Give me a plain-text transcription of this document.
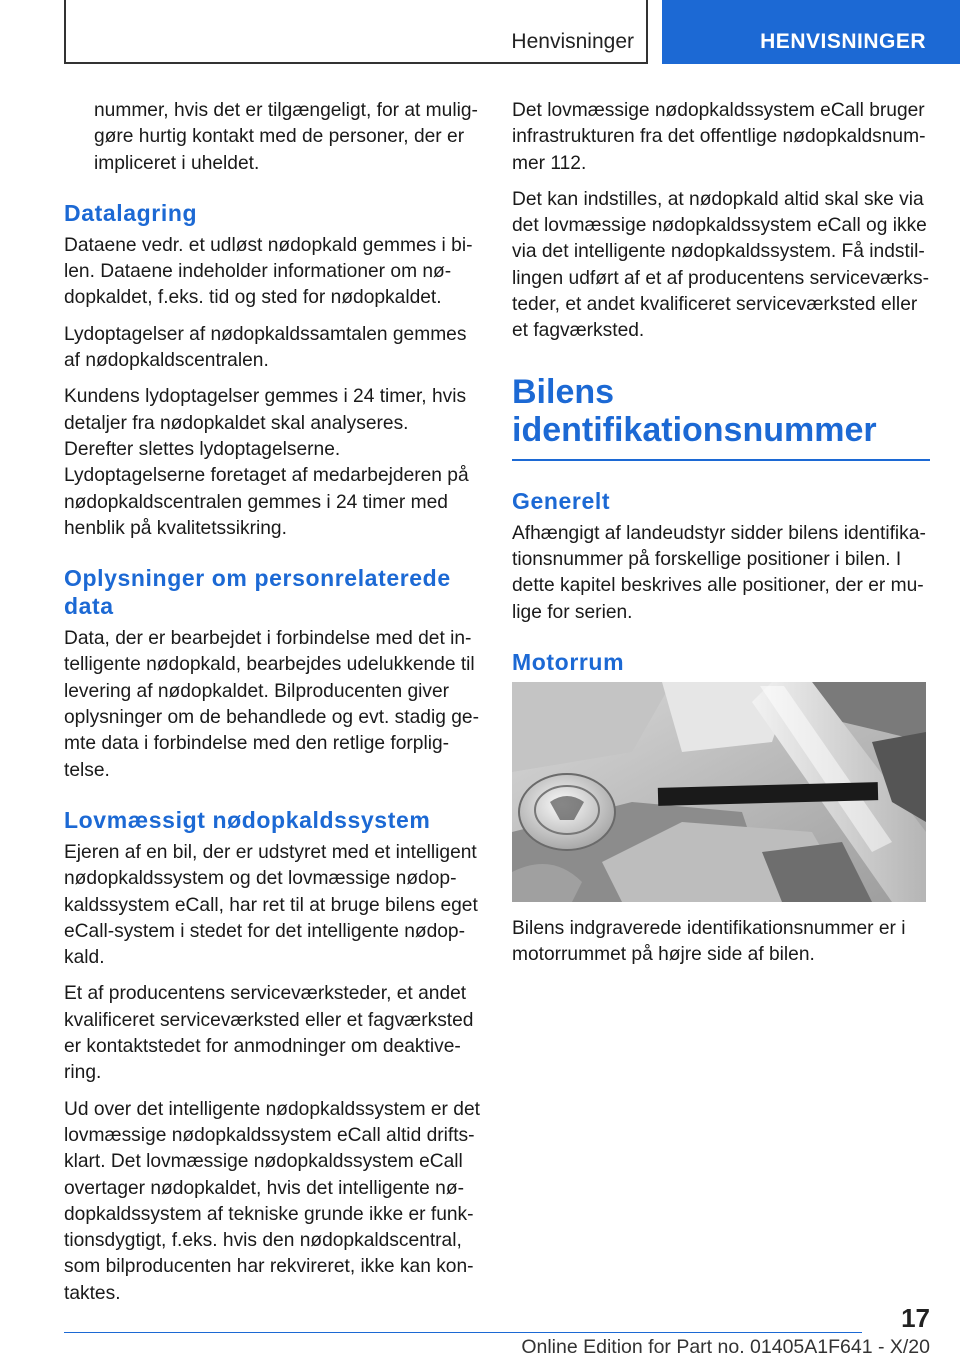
Henvisninger	HENVISNINGER

nummer, hvis det er tilgængeligt, for at muliggøre hurtig kontakt med de personer, der er impliceret i uheldet.

Datalagring

Dataene vedr. et udløst nødopkald gemmes i bilen. Dataene indeholder informationer om nødopkaldet, f.eks. tid og sted for nødopkaldet.

Lydoptagelser af nødopkaldssamtalen gemmes af nødopkaldscentralen.

Kundens lydoptagelser gemmes i 24 timer, hvis detaljer fra nødopkaldet skal analyseres. Derefter slettes lydoptagelserne. Lydoptagelserne foretaget af medarbejderen på nødopkaldscentralen gemmes i 24 timer med henblik på kvalitetssikring.

Oplysninger om personrelaterede data

Data, der er bearbejdet i forbindelse med det intelligente nødopkald, bearbejdes udelukkende til levering af nødopkaldet. Bilproducenten giver oplysninger om de behandlede og evt. stadig gemte data i forbindelse med den retlige forpligtelse.

Lovmæssigt nødopkaldssystem

Ejeren af en bil, der er udstyret med et intelligent nødopkaldssystem og det lovmæssige nødopkaldssystem eCall, har ret til at bruge bilens eget eCall-system i stedet for det intelligente nødopkald.

Et af producentens serviceværksteder, et andet kvalificeret serviceværksted eller et fagværksted er kontaktstedet for anmodninger om deaktivering.

Ud over det intelligente nødopkaldssystem er det lovmæssige nødopkaldssystem eCall altid driftsklart. Det lovmæssige nødopkaldssystem eCall overtager nødopkaldet, hvis det intelligente nødopkaldssystem af tekniske grunde ikke er funktionsdygtigt, f.eks. hvis den nødopkaldscentral, som bilproducenten har rekvireret, ikke kan kontaktes.

Det lovmæssige nødopkaldssystem eCall bruger infrastrukturen fra det offentlige nødopkaldsnummer 112.

Det kan indstilles, at nødopkald altid skal ske via det lovmæssige nødopkaldssystem eCall og ikke via det intelligente nødopkaldssystem. Få indstillingen udført af et af producentens serviceværksteder, et andet kvalificeret serviceværksted eller et fagværksted.

Bilens identifikationsnummer
Generelt

Afhængigt af landeudstyr sidder bilens identifikationsnummer på forskellige positioner i bilen. I dette kapitel beskrives alle positioner, der er mulige for serien.

Motorrum

Bilens indgraverede identifikationsnummer er i motorrummet på højre side af bilen.

17
Online Edition for Part no. 01405A1F641 - X/20
